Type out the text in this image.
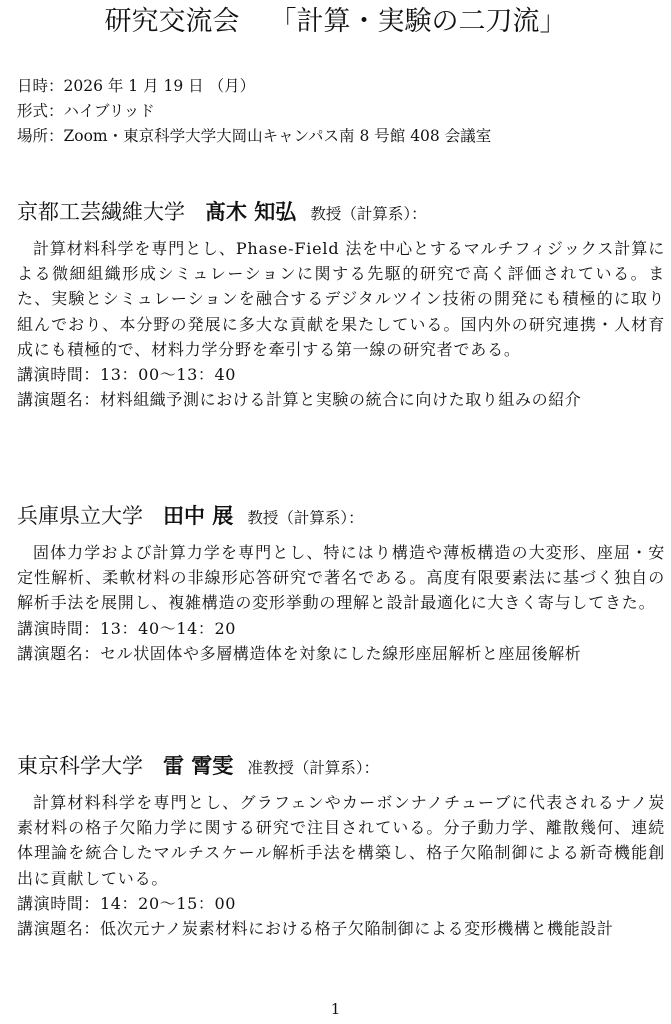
研究交流会 「計算・実験の二刀流」
日時：2026 年 1 月 19 日 （月）
形式：ハイブリッド
場所：Zoom・東京科学大学大岡山キャンパス南 8 号館 408 会議室
京都工芸繊維大学 髙木 知弘 教授（計算系）：
計算材料科学を専門とし、Phase-Field 法を中心とするマルチフィジックス計算による微細組織形成シミュレーションに関する先駆的研究で高く評価されている。また、実験とシミュレーションを融合するデジタルツイン技術の開発にも積極的に取り組んでおり、本分野の発展に多大な貢献を果たしている。国内外の研究連携・人材育成にも積極的で、材料力学分野を牽引する第一線の研究者である。
講演時間：13：00〜13：40
講演題名：材料組織予測における計算と実験の統合に向けた取り組みの紹介
兵庫県立大学 田中 展 教授（計算系）：
固体力学および計算力学を専門とし、特にはり構造や薄板構造の大変形、座屈・安定性解析、柔軟材料の非線形応答研究で著名である。高度有限要素法に基づく独自の解析手法を展開し、複雑構造の変形挙動の理解と設計最適化に大きく寄与してきた。
講演時間：13：40〜14：20
講演題名：セル状固体や多層構造体を対象にした線形座屈解析と座屈後解析
東京科学大学 雷 霄雯 准教授（計算系）：
計算材料科学を専門とし、グラフェンやカーボンナノチューブに代表されるナノ炭素材料の格子欠陥力学に関する研究で注目されている。分子動力学、離散幾何、連続体理論を統合したマルチスケール解析手法を構築し、格子欠陥制御による新奇機能創出に貢献している。
講演時間：14：20〜15：00
講演題名：低次元ナノ炭素材料における格子欠陥制御による変形機構と機能設計
1
